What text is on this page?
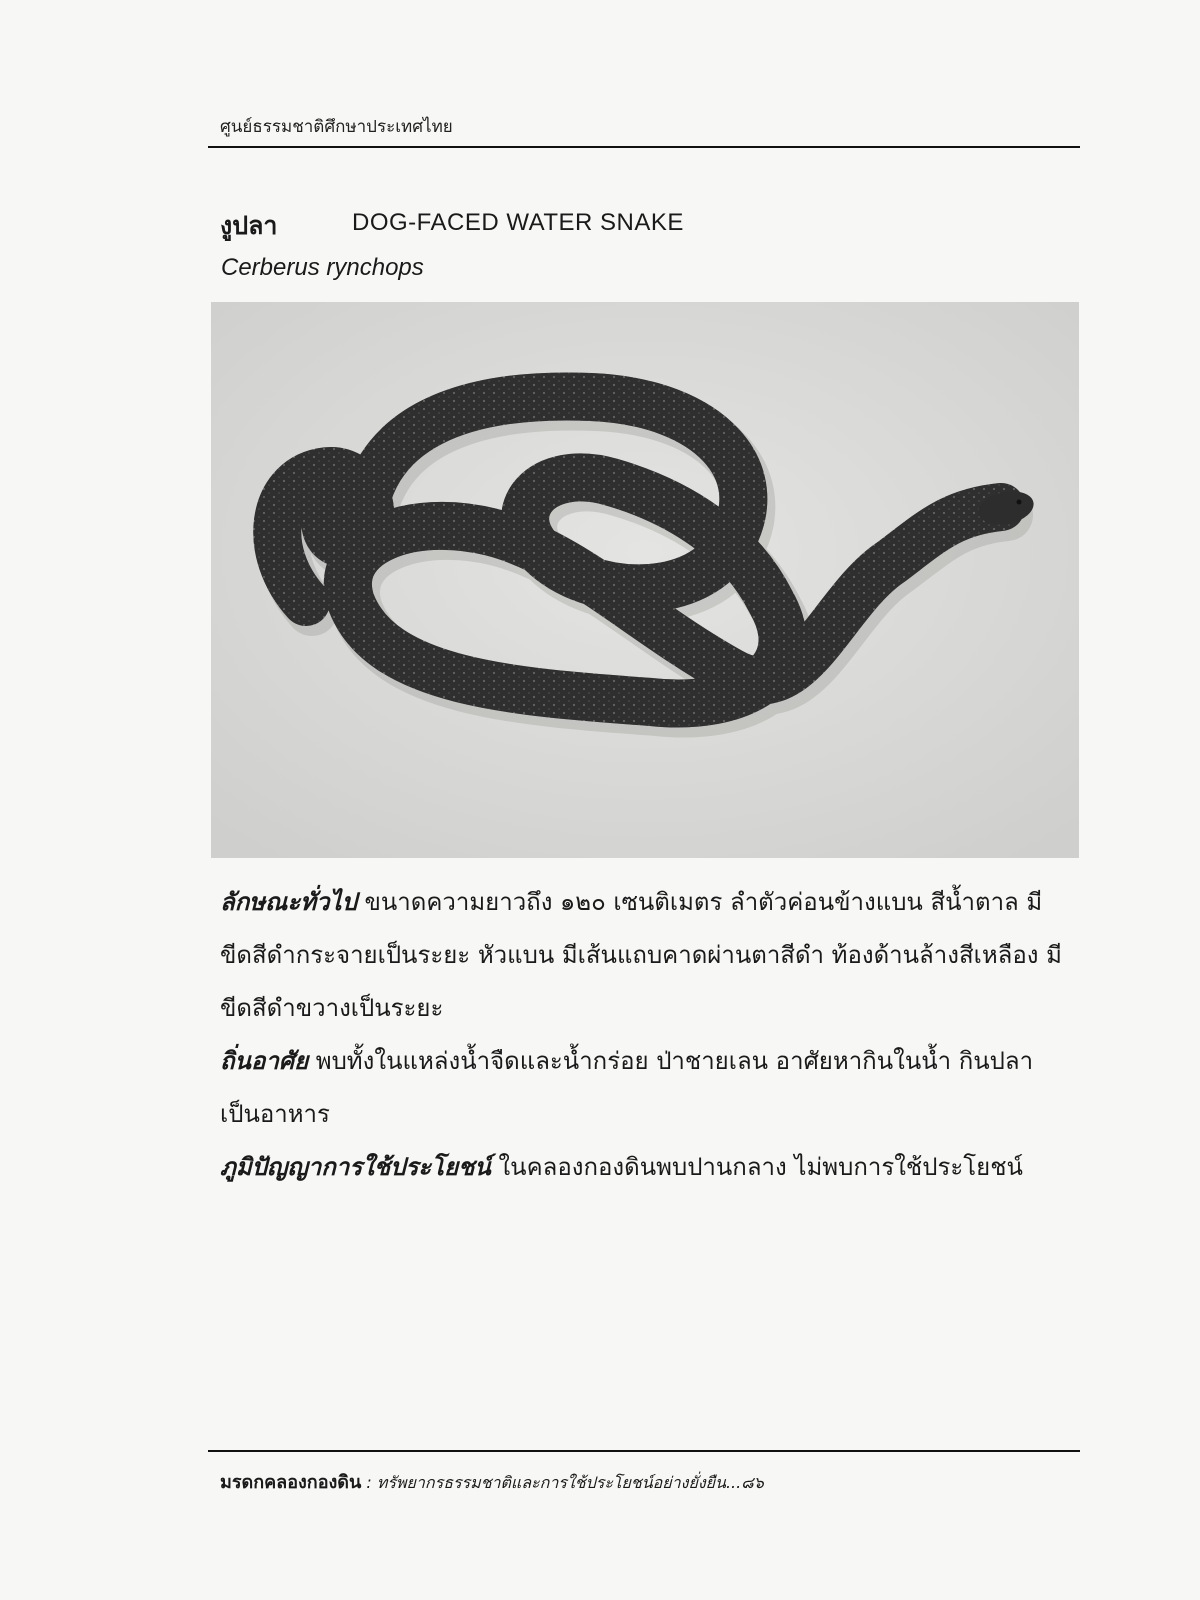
ศูนย์ธรรมชาติศึกษาประเทศไทย
งูปลา	DOG-FACED WATER SNAKE
Cerberus rynchops

ลักษณะทั่วไป ขนาดความยาวถึง ๑๒๐ เซนติเมตร ลำตัวค่อนข้างแบน สีน้ำตาล มีขีดสีดำกระจายเป็นระยะ หัวแบน มีเส้นแถบคาดผ่านตาสีดำ ท้องด้านล้างสีเหลือง มีขีดสีดำขวางเป็นระยะ

ถิ่นอาศัย พบทั้งในแหล่งน้ำจืดและน้ำกร่อย ป่าชายเลน อาศัยหากินในน้ำ กินปลาเป็นอาหาร

ภูมิปัญญาการใช้ประโยชน์ ในคลองกองดินพบปานกลาง ไม่พบการใช้ประโยชน์

มรดกคลองกองดิน : ทรัพยากรธรรมชาติและการใช้ประโยชน์อย่างยั่งยืน...๘๖
